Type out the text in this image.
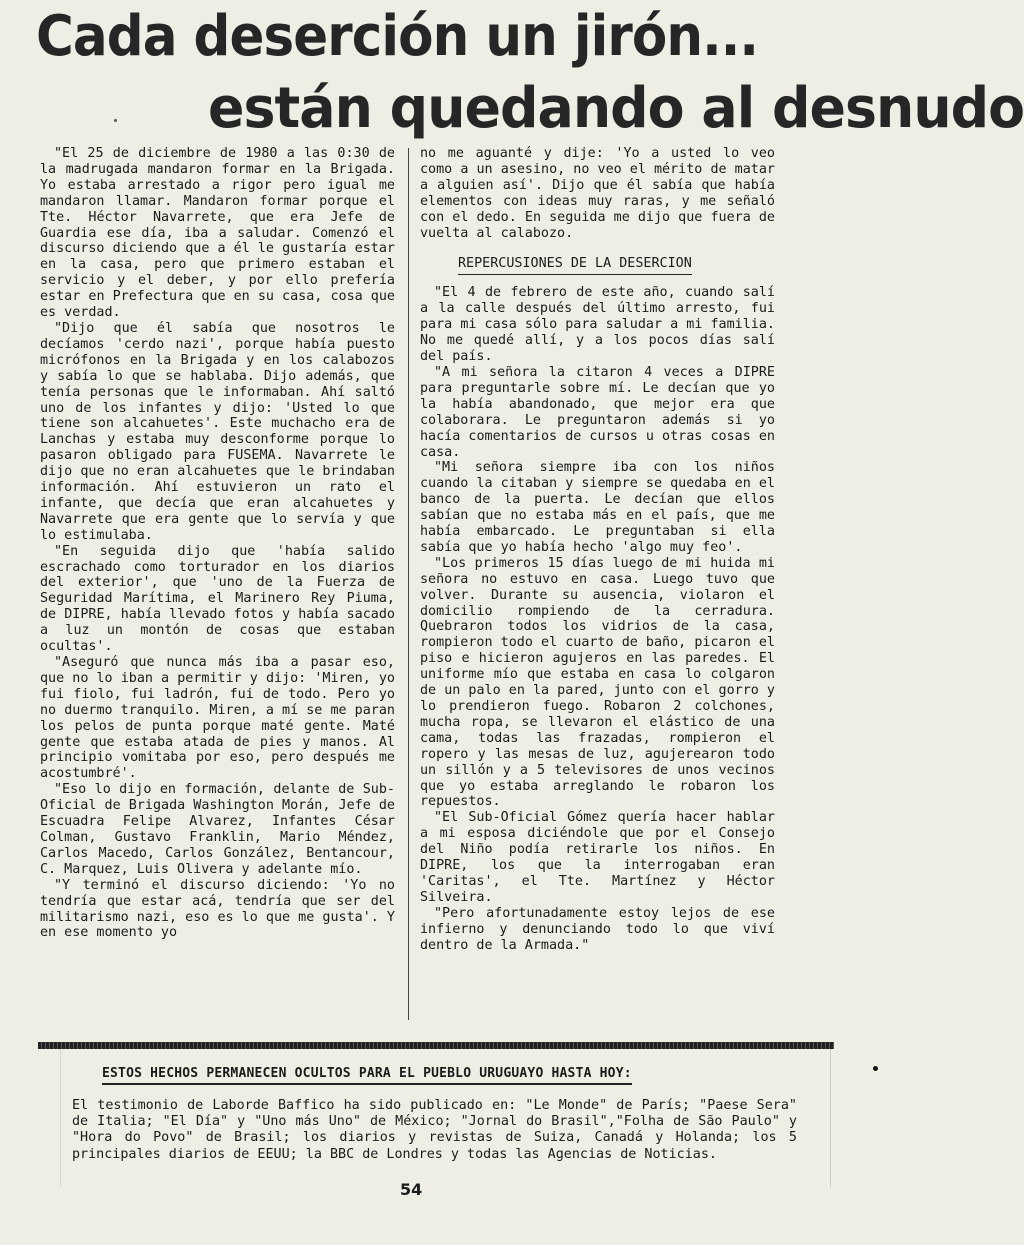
Cada deserción un jirón...
están quedando al desnudo

"El 25 de diciembre de 1980 a las 0:30 de la madrugada mandaron formar en la Brigada. Yo estaba arrestado a rigor pero igual me mandaron llamar. Mandaron formar porque el Tte. Héctor Navarrete, que era Jefe de Guardia ese día, iba a saludar. Comenzó el discurso diciendo que a él le gustaría estar en la casa, pero que primero estaban el servicio y el deber, y por ello prefería estar en Prefectura que en su casa, cosa que es verdad.

"Dijo que él sabía que nosotros le decíamos 'cerdo nazi', porque había puesto micrófonos en la Brigada y en los calabozos y sabía lo que se hablaba. Dijo además, que tenía personas que le informaban. Ahí saltó uno de los infantes y dijo: 'Usted lo que tiene son alcahuetes'. Este muchacho era de Lanchas y estaba muy desconforme porque lo pasaron obligado para FUSEMA. Navarrete le dijo que no eran alcahuetes que le brindaban información. Ahí estuvieron un rato el infante, que decía que eran alcahuetes y Navarrete que era gente que lo servía y que lo estimulaba.

"En seguida dijo que 'había salido escrachado como torturador en los diarios del exterior', que 'uno de la Fuerza de Seguridad Marítima, el Marinero Rey Piuma, de DIPRE, había llevado fotos y había sacado a luz un montón de cosas que estaban ocultas'.

"Aseguró que nunca más iba a pasar eso, que no lo iban a permitir y dijo: 'Miren, yo fui fiolo, fui ladrón, fui de todo. Pero yo no duermo tranquilo. Miren, a mí se me paran los pelos de punta porque maté gente. Maté gente que estaba atada de pies y manos. Al principio vomitaba por eso, pero después me acostumbré'.

"Eso lo dijo en formación, delante de Sub-Oficial de Brigada Washington Morán, Jefe de Escuadra Felipe Alvarez, Infantes César Colman, Gustavo Franklin, Mario Méndez, Carlos Macedo, Carlos González, Bentancour, C. Marquez, Luis Olivera y adelante mío.

"Y terminó el discurso diciendo: 'Yo no tendría que estar acá, tendría que ser del militarismo nazi, eso es lo que me gusta'. Y en ese momento yo

no me aguanté y dije: 'Yo a usted lo veo como a un asesino, no veo el mérito de matar a alguien así'. Dijo que él sabía que había elementos con ideas muy raras, y me señaló con el dedo. En seguida me dijo que fuera de vuelta al calabozo.

REPERCUSIONES DE LA DESERCION

"El 4 de febrero de este año, cuando salí a la calle después del último arresto, fui para mi casa sólo para saludar a mi familia. No me quedé allí, y a los pocos días salí del país.

"A mi señora la citaron 4 veces a DIPRE para preguntarle sobre mí. Le decían que yo la había abandonado, que mejor era que colaborara. Le preguntaron además si yo hacía comentarios de cursos u otras cosas en casa.

"Mi señora siempre iba con los niños cuando la citaban y siempre se quedaba en el banco de la puerta. Le decían que ellos sabían que no estaba más en el país, que me había embarcado. Le preguntaban si ella sabía que yo había hecho 'algo muy feo'.

"Los primeros 15 días luego de mi huida mi señora no estuvo en casa. Luego tuvo que volver. Durante su ausencia, violaron el domicilio rompiendo de la cerradura. Quebraron todos los vidrios de la casa, rompieron todo el cuarto de baño, picaron el piso e hicieron agujeros en las paredes. El uniforme mío que estaba en casa lo colgaron de un palo en la pared, junto con el gorro y lo prendieron fuego. Robaron 2 colchones, mucha ropa, se llevaron el elástico de una cama, todas las frazadas, rompieron el ropero y las mesas de luz, agujerearon todo un sillón y a 5 televisores de unos vecinos que yo estaba arreglando le robaron los repuestos.

"El Sub-Oficial Gómez quería hacer hablar a mi esposa diciéndole que por el Consejo del Niño podía retirarle los niños. En DIPRE, los que la interrogaban eran 'Caritas', el Tte. Martínez y Héctor Silveira.

"Pero afortunadamente estoy lejos de ese infierno y denunciando todo lo que viví dentro de la Armada."

ESTOS HECHOS PERMANECEN OCULTOS PARA EL PUEBLO URUGUAYO HASTA HOY:
El testimonio de Laborde Baffico ha sido publicado en: "Le Monde" de París; "Paese Sera" de Italia; "El Día" y "Uno más Uno" de México; "Jornal do Brasil","Folha de São Paulo" y "Hora do Povo" de Brasil; los diarios y revistas de Suiza, Canadá y Holanda; los 5 principales diarios de EEUU; la BBC de Londres y todas las Agencias de Noticias.
54
